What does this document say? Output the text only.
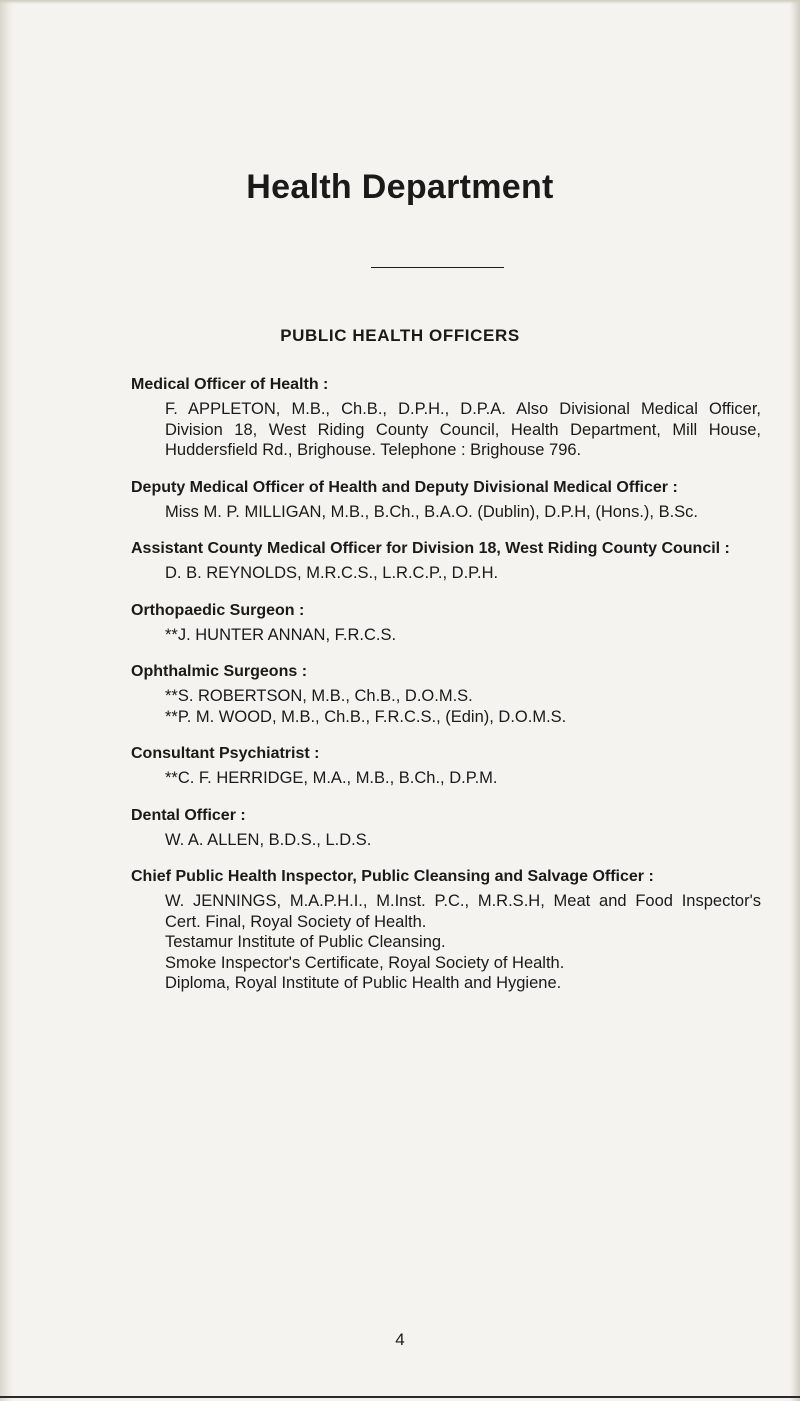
Health Department
PUBLIC HEALTH OFFICERS

Medical Officer of Health :

F. APPLETON, M.B., Ch.B., D.P.H., D.P.A. Also Divisional Medical Officer, Division 18, West Riding County Council, Health Department, Mill House, Huddersfield Rd., Brighouse. Telephone : Brighouse 796.

Deputy Medical Officer of Health and Deputy Divisional Medical Officer :

Miss M. P. MILLIGAN, M.B., B.Ch., B.A.O. (Dublin), D.P.H, (Hons.), B.Sc.

Assistant County Medical Officer for Division 18, West Riding County Council :

D. B. REYNOLDS, M.R.C.S., L.R.C.P., D.P.H.

Orthopaedic Surgeon :

**J. HUNTER ANNAN, F.R.C.S.

Ophthalmic Surgeons :

**S. ROBERTSON, M.B., Ch.B., D.O.M.S.

**P. M. WOOD, M.B., Ch.B., F.R.C.S., (Edin), D.O.M.S.

Consultant Psychiatrist :

**C. F. HERRIDGE, M.A., M.B., B.Ch., D.P.M.

Dental Officer :

W. A. ALLEN, B.D.S., L.D.S.

Chief Public Health Inspector, Public Cleansing and Salvage Officer :

W. JENNINGS, M.A.P.H.I., M.Inst. P.C., M.R.S.H, Meat and Food Inspector's Cert. Final, Royal Society of Health.

Testamur Institute of Public Cleansing.

Smoke Inspector's Certificate, Royal Society of Health.

Diploma, Royal Institute of Public Health and Hygiene.

4
